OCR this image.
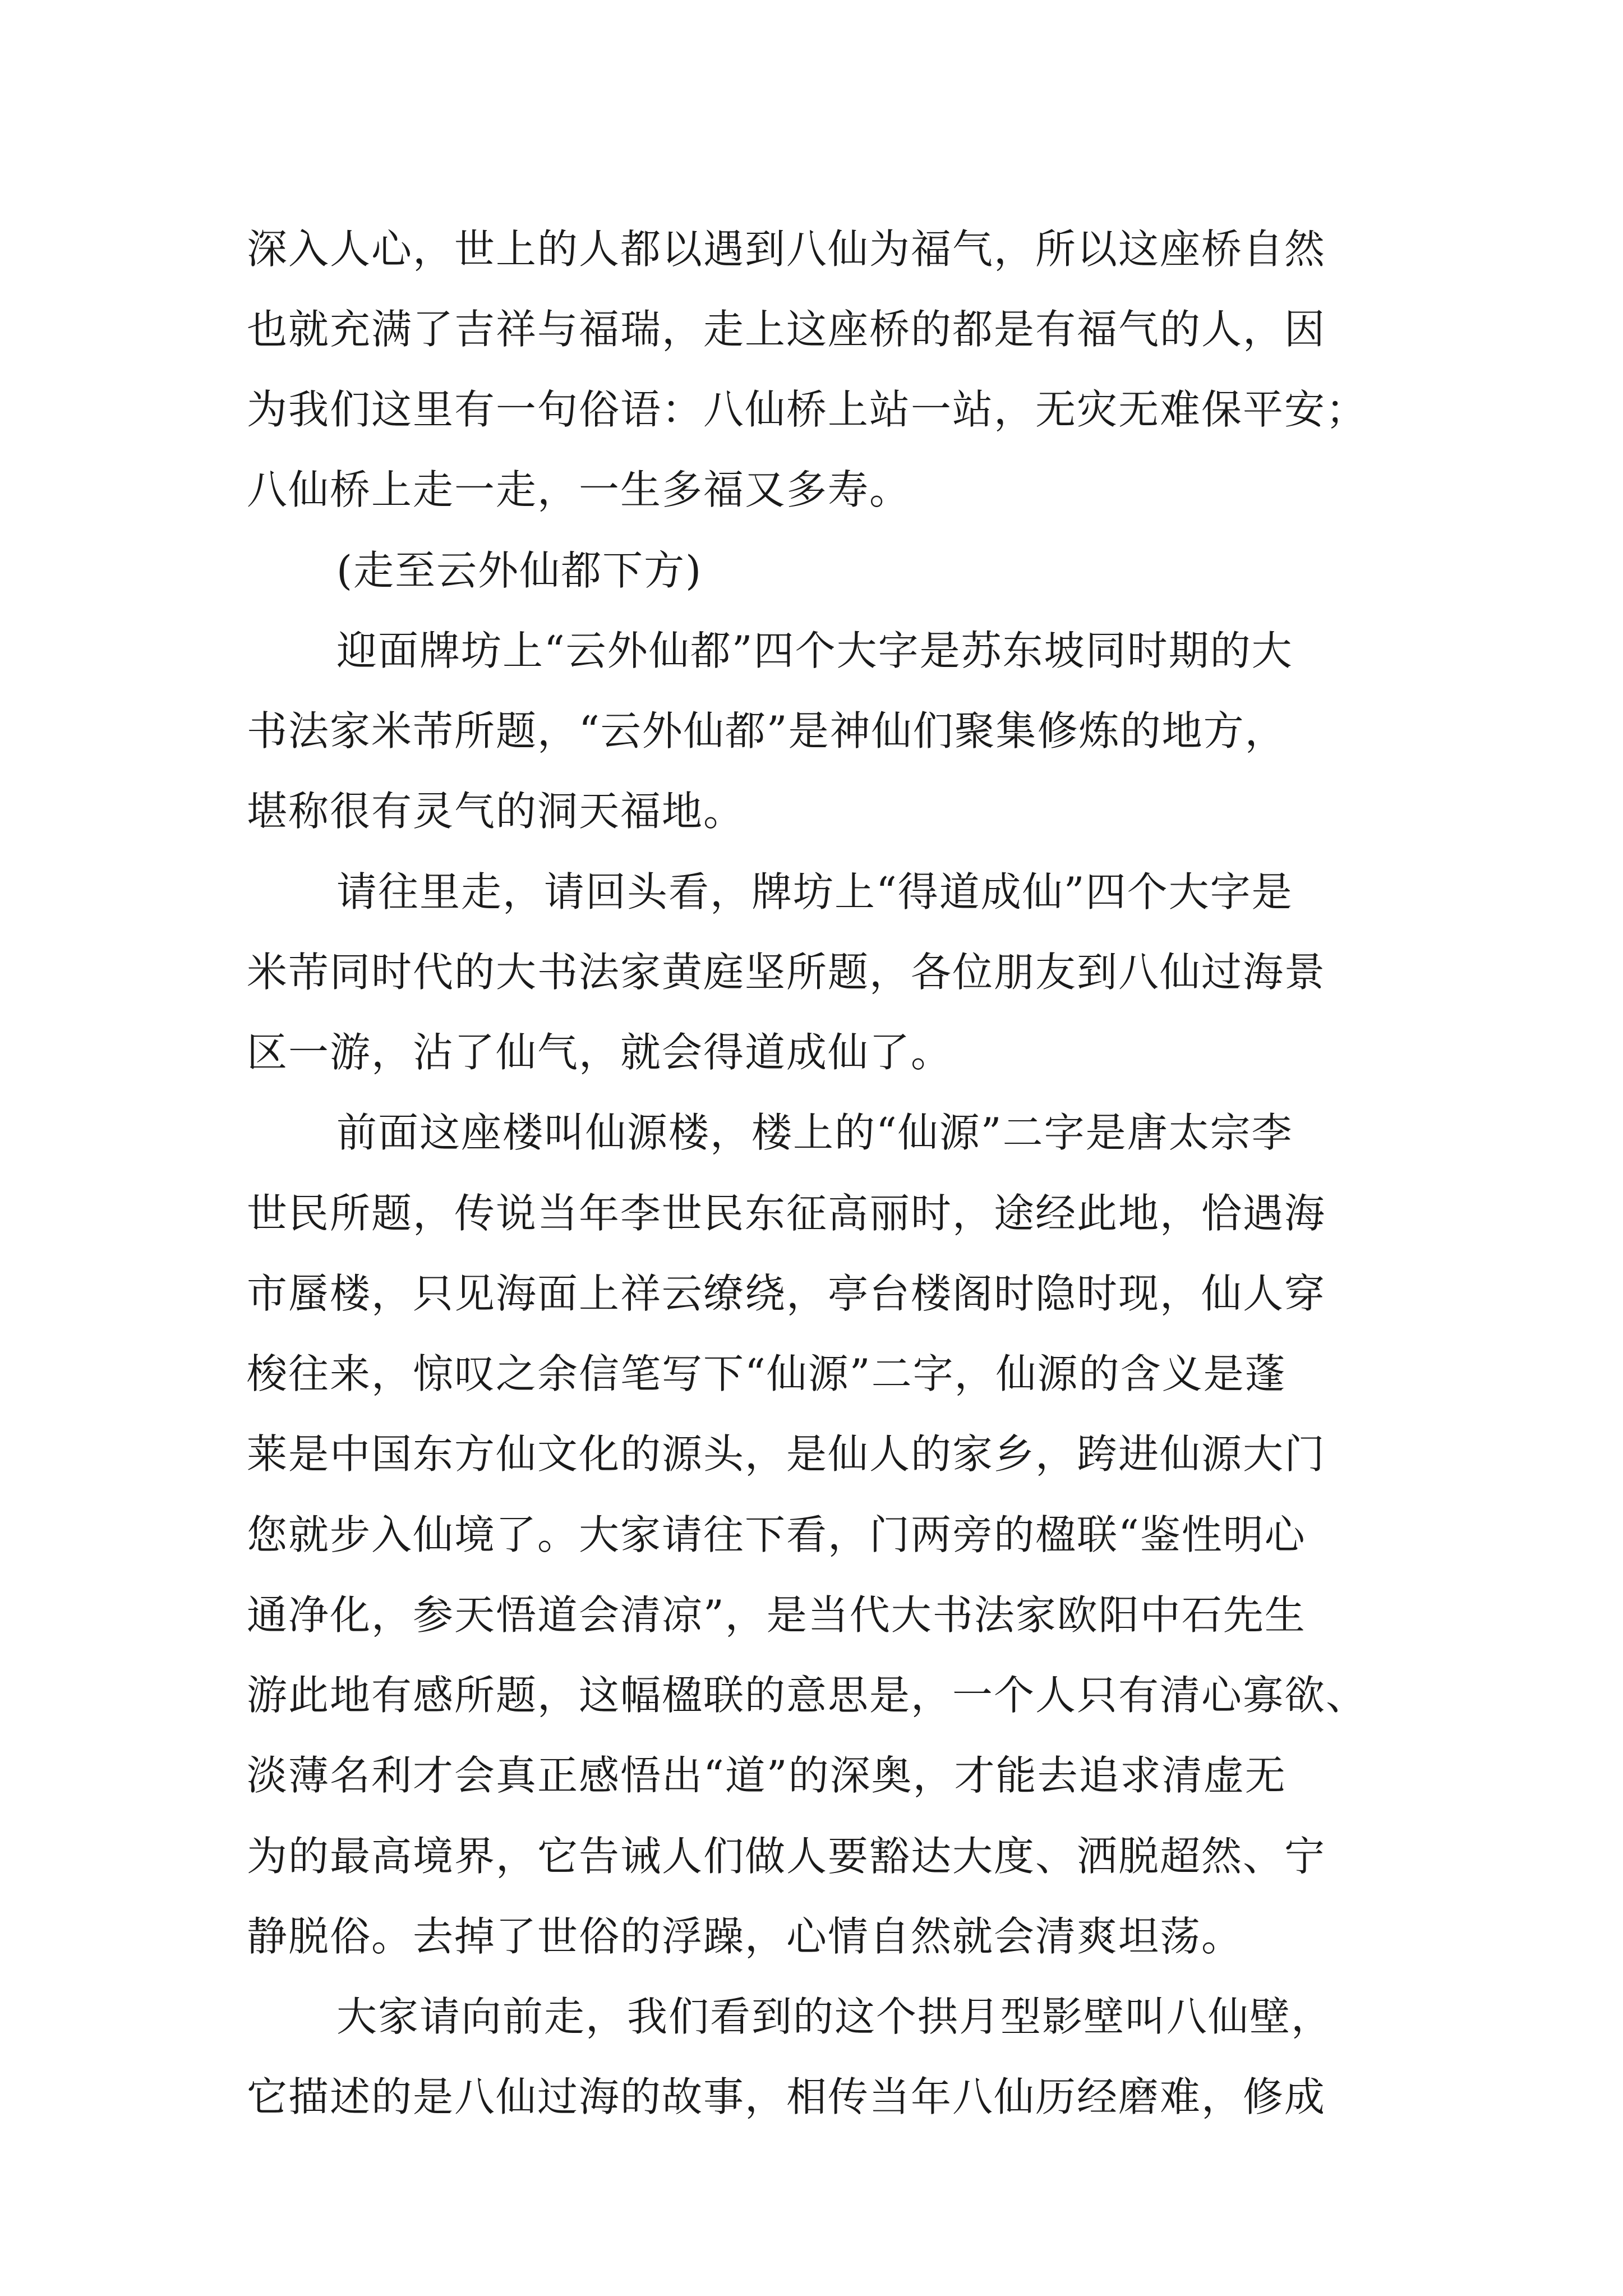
深入人心，世上的人都以遇到八仙为福气，所以这座桥自然
也就充满了吉祥与福瑞，走上这座桥的都是有福气的人，因
为我们这里有一句俗语：八仙桥上站一站，无灾无难保平安；
八仙桥上走一走，一生多福又多寿。
(走至云外仙都下方)
迎面牌坊上“云外仙都”四个大字是苏东坡同时期的大
书法家米芾所题，“云外仙都”是神仙们聚集修炼的地方，
堪称很有灵气的洞天福地。
请往里走，请回头看，牌坊上“得道成仙”四个大字是
米芾同时代的大书法家黄庭坚所题，各位朋友到八仙过海景
区一游，沾了仙气，就会得道成仙了。
前面这座楼叫仙源楼，楼上的“仙源”二字是唐太宗李
世民所题，传说当年李世民东征高丽时，途经此地，恰遇海
市蜃楼，只见海面上祥云缭绕，亭台楼阁时隐时现，仙人穿
梭往来，惊叹之余信笔写下“仙源”二字，仙源的含义是蓬
莱是中国东方仙文化的源头，是仙人的家乡，跨进仙源大门
您就步入仙境了。大家请往下看，门两旁的楹联“鉴性明心
通净化，参天悟道会清凉”，是当代大书法家欧阳中石先生
游此地有感所题，这幅楹联的意思是，一个人只有清心寡欲、
淡薄名利才会真正感悟出“道”的深奥，才能去追求清虚无
为的最高境界，它告诫人们做人要豁达大度、洒脱超然、宁
静脱俗。去掉了世俗的浮躁，心情自然就会清爽坦荡。
大家请向前走，我们看到的这个拱月型影壁叫八仙壁，
它描述的是八仙过海的故事，相传当年八仙历经磨难，修成
